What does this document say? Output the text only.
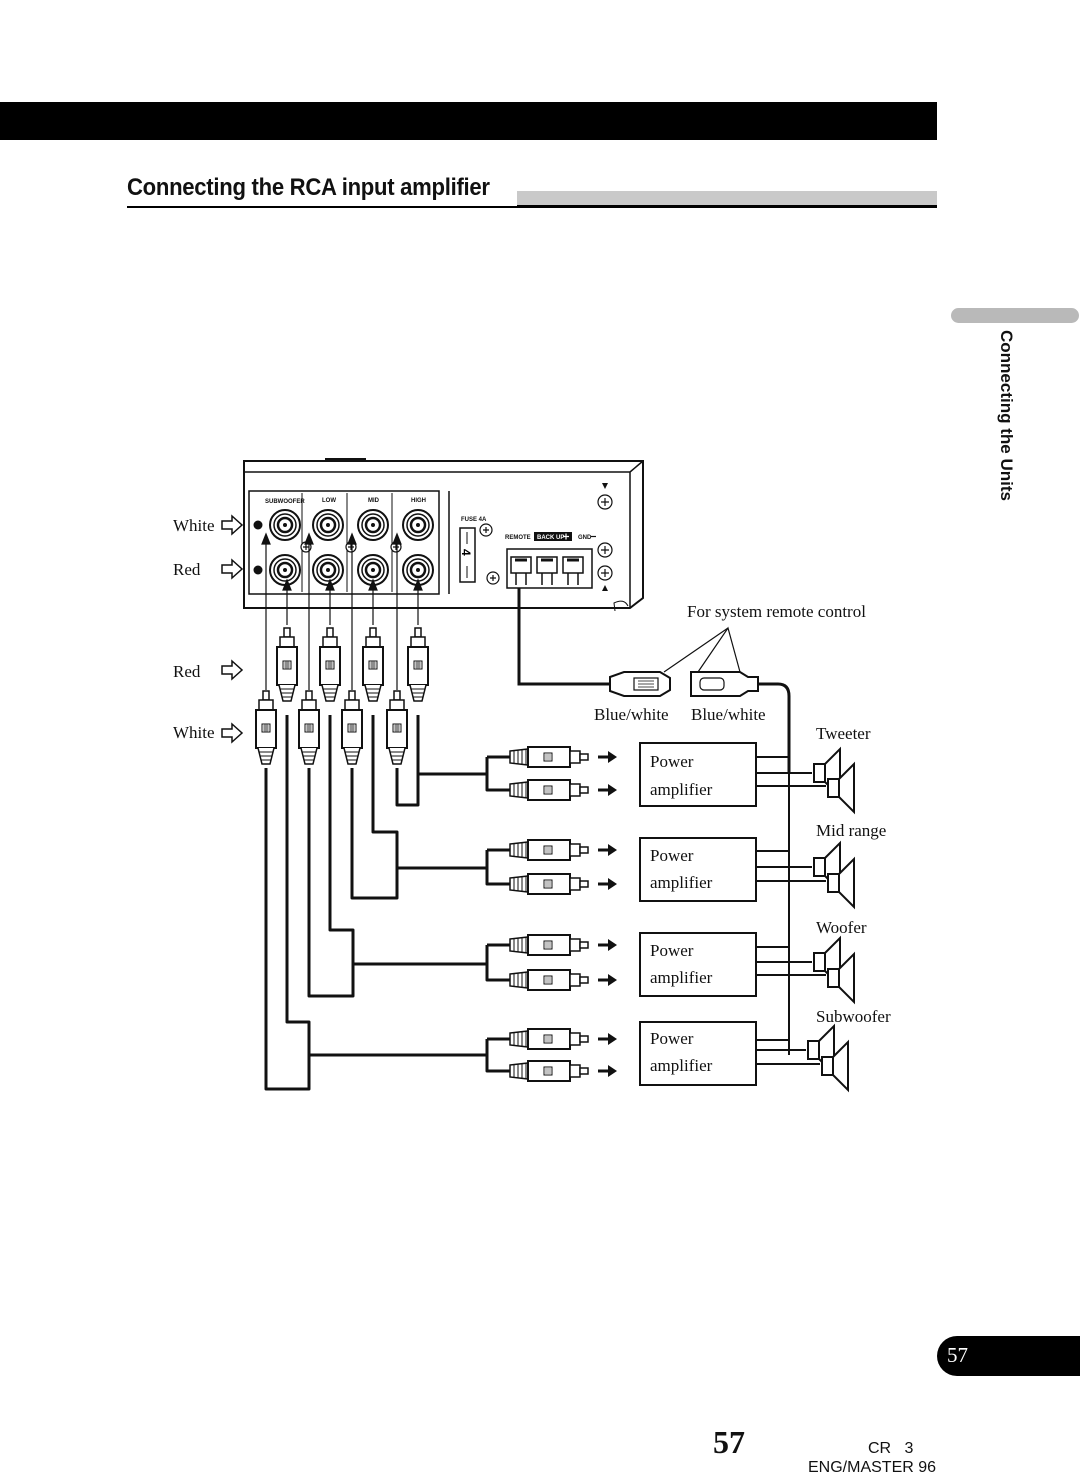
Connecting the RCA input amplifier
Connecting the Units
SUBWOOFER	LOW	MID	HIGH
FUSE 4A
4
REMOTE BACK UP GND
White
Red
Red
White
For system remote control
Blue/white Blue/white
Power
amplifier
Power
amplifier
Power
amplifier
Power
amplifier
Tweeter
Mid range
Woofer
Subwoofer
57
57	CR   3
ENG/MASTER 96
